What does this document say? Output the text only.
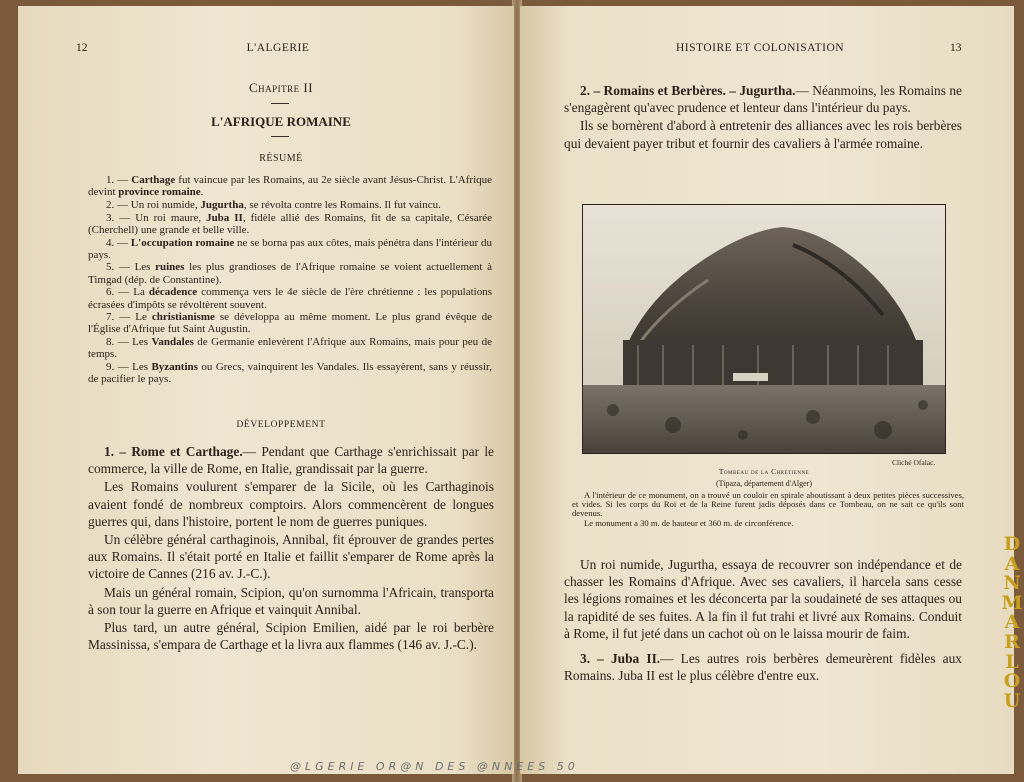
12	L'ALGERIE
Chapitre II
L'AFRIQUE ROMAINE
RÉSUMÉ

1. — Carthage fut vaincue par les Romains, au 2e siècle avant Jésus-Christ. L'Afrique devint province romaine.

2. — Un roi numide, Jugurtha, se révolta contre les Romains. Il fut vaincu.

3. — Un roi maure, Juba II, fidèle allié des Romains, fit de sa capitale, Césarée (Cherchell) une grande et belle ville.

4. — L'occupation romaine ne se borna pas aux côtes, mais pénétra dans l'intérieur du pays.

5. — Les ruines les plus grandioses de l'Afrique romaine se voient actuellement à Timgad (dép. de Constantine).

6. — La décadence commença vers le 4e siècle de l'ère chrétienne : les populations écrasées d'impôts se révoltèrent souvent.

7. — Le christianisme se développa au même moment. Le plus grand évêque de l'Église d'Afrique fut Saint Augustin.

8. — Les Vandales de Germanie enlevèrent l'Afrique aux Romains, mais pour peu de temps.

9. — Les Byzantins ou Grecs, vainquirent les Vandales. Ils essayèrent, sans y réussir, de pacifier le pays.

DÉVELOPPEMENT

1. – Rome et Carthage.— Pendant que Carthage s'enrichissait par le commerce, la ville de Rome, en Italie, grandissait par la guerre.

Les Romains voulurent s'emparer de la Sicile, où les Carthaginois avaient fondé de nombreux comptoirs. Alors commencèrent de longues guerres qui, dans l'histoire, portent le nom de guerres puniques.

Un célèbre général carthaginois, Annibal, fit éprouver de grandes pertes aux Romains. Il s'était porté en Italie et faillit s'emparer de Rome après la victoire de Cannes (216 av. J.-C.).

Mais un général romain, Scipion, qu'on surnomma l'Africain, transporta à son tour la guerre en Afrique et vainquit Annibal.

Plus tard, un autre général, Scipion Emilien, aidé par le roi berbère Massinissa, s'empara de Carthage et la livra aux flammes (146 av. J.-C.).

HISTOIRE ET COLONISATION	13

2. – Romains et Berbères. – Jugurtha.— Néanmoins, les Romains ne s'engagèrent qu'avec prudence et lenteur dans l'intérieur du pays.

Ils se bornèrent d'abord à entretenir des alliances avec les rois berbères qui devaient payer tribut et fournir des cavaliers à l'armée romaine.

Cliché Ofalac.
Tombeau de la Chrétienne
(Tipaza, département d'Alger)

A l'intérieur de ce monument, on a trouvé un couloir en spirale aboutissant à deux petites pièces successives, et vides. Si les corps du Roi et de la Reine furent jadis déposés dans ce Tombeau, on ne sait ce qu'ils sont devenus.

Le monument a 30 m. de hauteur et 360 m. de circonférence.

Un roi numide, Jugurtha, essaya de recouvrer son indépendance et de chasser les Romains d'Afrique. Avec ses cavaliers, il harcela sans cesse les légions romaines et les déconcerta par la soudaineté de ses attaques ou la rapidité de ses fuites. A la fin il fut trahi et livré aux Romains. Conduit à Rome, il fut jeté dans un cachot où on le laissa mourir de faim.

3. – Juba II.— Les autres rois berbères demeurèrent fidèles aux Romains. Juba II est le plus célèbre d'entre eux.

D
A
N
M
A
R
L
O
U
@LGERIE OR@N DES @NNEES 50
